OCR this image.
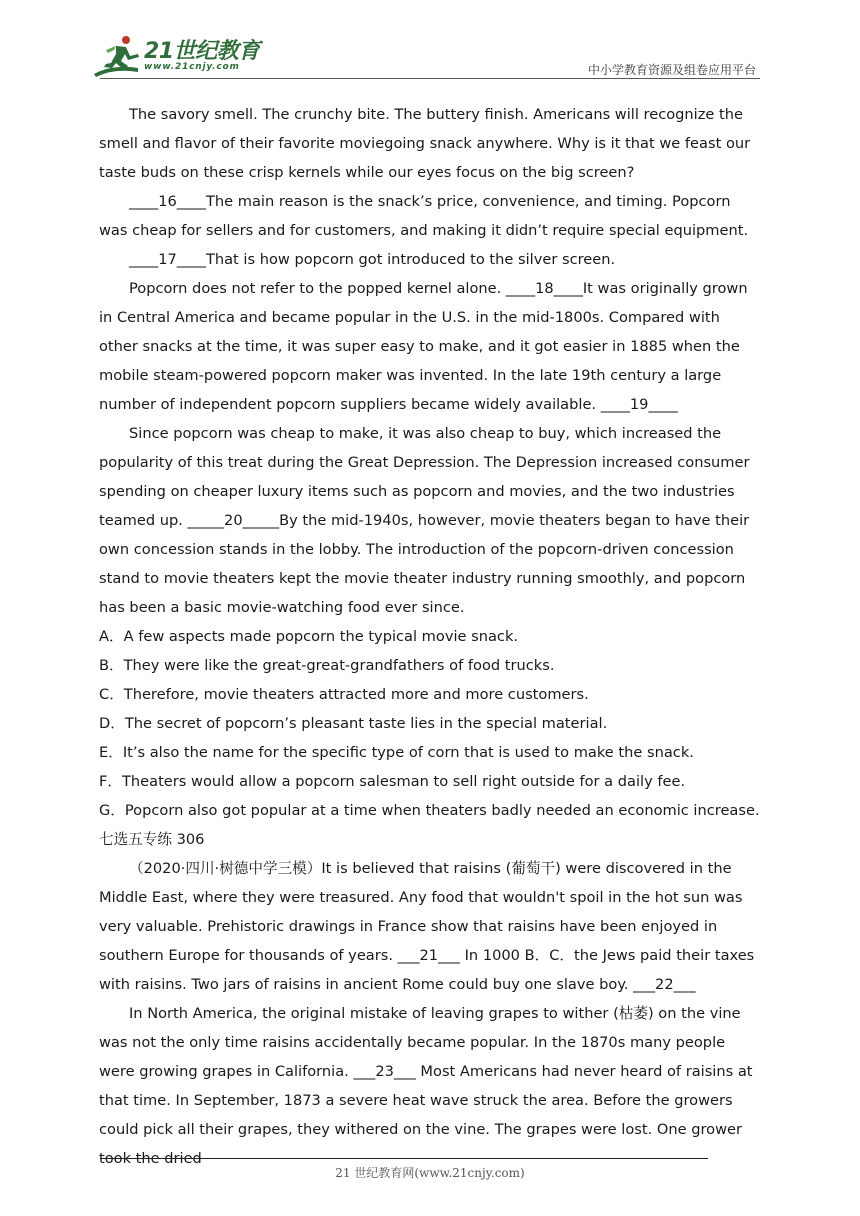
21世纪教育
www.21cnjy.com	中小学教育资源及组卷应用平台

The savory smell. The crunchy bite. The buttery finish. Americans will recognize the smell and flavor of their favorite moviegoing snack anywhere. Why is it that we feast our taste buds on these crisp kernels while our eyes focus on the big screen?

____16____The main reason is the snack’s price, convenience, and timing. Popcorn was cheap for sellers and for customers, and making it didn’t require special equipment.

____17____That is how popcorn got introduced to the silver screen.

Popcorn does not refer to the popped kernel alone. ____18____It was originally grown in Central America and became popular in the U.S. in the mid-1800s. Compared with other snacks at the time, it was super easy to make, and it got easier in 1885 when the mobile steam-powered popcorn maker was invented. In the late 19th century a large number of independent popcorn suppliers became widely available. ____19____

Since popcorn was cheap to make, it was also cheap to buy, which increased the popularity of this treat during the Great Depression. The Depression increased consumer spending on cheaper luxury items such as popcorn and movies, and the two industries teamed up. _____20_____By the mid-1940s, however, movie theaters began to have their own concession stands in the lobby. The introduction of the popcorn-driven concession stand to movie theaters kept the movie theater industry running smoothly, and popcorn has been a basic movie-watching food ever since.

A．A few aspects made popcorn the typical movie snack.

B．They were like the great-great-grandfathers of food trucks.

C．Therefore, movie theaters attracted more and more customers.

D．The secret of popcorn’s pleasant taste lies in the special material.

E．It’s also the name for the specific type of corn that is used to make the snack.

F．Theaters would allow a popcorn salesman to sell right outside for a daily fee.

G．Popcorn also got popular at a time when theaters badly needed an economic increase.

七选五专练 306

（2020·四川·树德中学三模）It is believed that raisins (葡萄干) were discovered in the Middle East, where they were treasured. Any food that wouldn't spoil in the hot sun was very valuable. Prehistoric drawings in France show that raisins have been enjoyed in southern Europe for thousands of years. ___21___ In 1000 B．C．the Jews paid their taxes with raisins. Two jars of raisins in ancient Rome could buy one slave boy. ___22___

In North America, the original mistake of leaving grapes to wither (枯萎) on the vine was not the only time raisins accidentally became popular. In the 1870s many people were growing grapes in California. ___23___ Most Americans had never heard of raisins at that time. In September, 1873 a severe heat wave struck the area. Before the growers could pick all their grapes, they withered on the vine. The grapes were lost. One grower took the dried

21 世纪教育网(www.21cnjy.com)
